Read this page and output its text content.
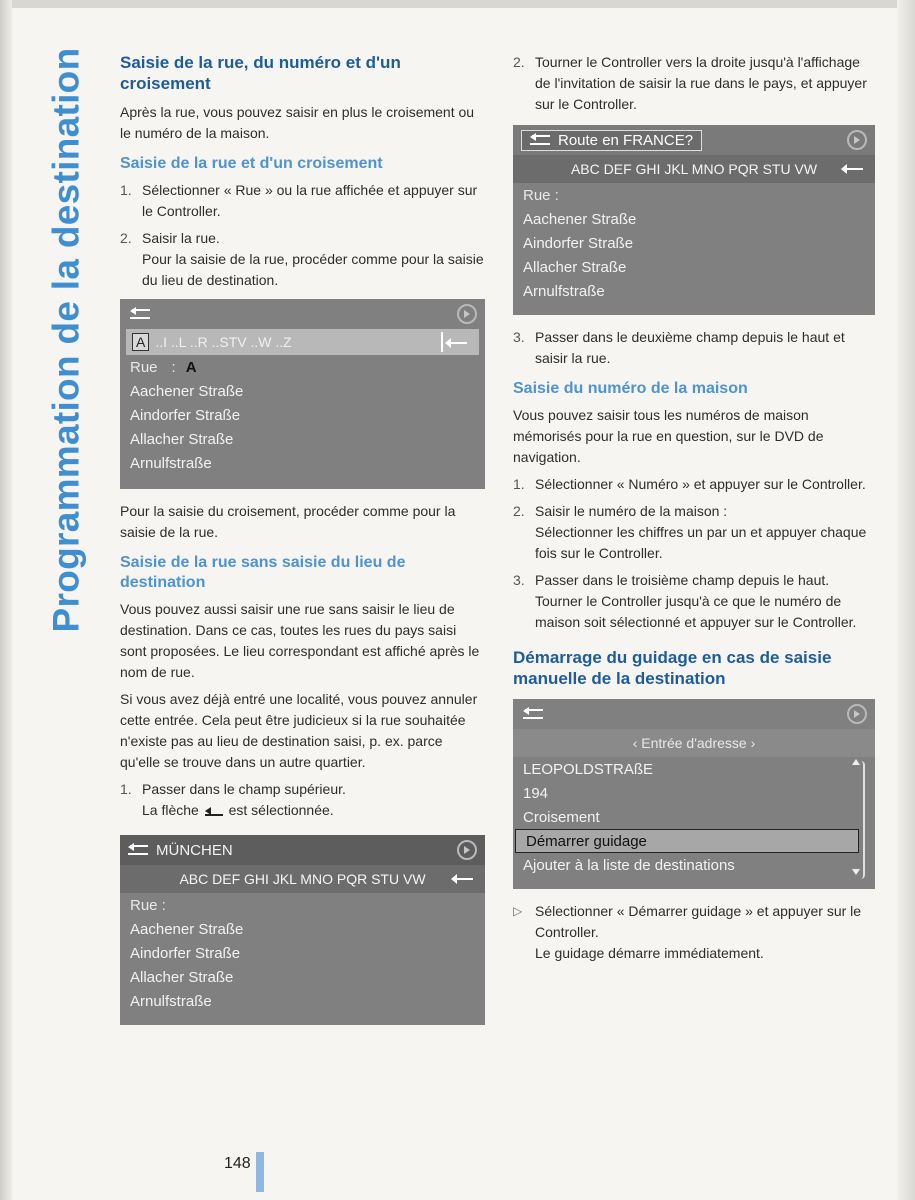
Programmation de la destination Saisie de la rue, du numéro et d'un croisement
Après la rue, vous pouvez saisir en plus le croisement ou le numéro de la maison.
Saisie de la rue et d'un croisement
1. Sélectionner « Rue » ou la rue affichée et appuyer sur le Controller.
2. Saisir la rue.
Pour la saisie de la rue, procéder comme pour la saisie du lieu de destination.
A ..I ..L ..R ..STV ..W ..Z
Rue : A
Aachener Straße
Aindorfer Straße
Allacher Straße
Arnulfstraße
Pour la saisie du croisement, procéder comme pour la saisie de la rue.
Saisie de la rue sans saisie du lieu de destination
Vous pouvez aussi saisir une rue sans saisir le lieu de destination. Dans ce cas, toutes les rues du pays saisi sont proposées. Le lieu correspondant est affiché après le nom de rue.
Si vous avez déjà entré une localité, vous pouvez annuler cette entrée. Cela peut être judicieux si la rue souhaitée n'existe pas au lieu de destination saisi, p. ex. parce qu'elle se trouve dans un autre quartier.
1. Passer dans le champ supérieur.
La flèche est sélectionnée.
MÜNCHEN
ABC DEF GHI JKL MNO PQR STU VW
Rue :
Aachener Straße
Aindorfer Straße
Allacher Straße
Arnulfstraße
2. Tourner le Controller vers la droite jusqu'à l'affichage de l'invitation de saisir la rue dans le pays, et appuyer sur le Controller.
Route en FRANCE?
ABC DEF GHI JKL MNO PQR STU VW
Rue :
Aachener Straße
Aindorfer Straße
Allacher Straße
Arnulfstraße
3. Passer dans le deuxième champ depuis le haut et saisir la rue.
Saisie du numéro de la maison
Vous pouvez saisir tous les numéros de maison mémorisés pour la rue en question, sur le DVD de navigation.
1. Sélectionner « Numéro » et appuyer sur le Controller.
2. Saisir le numéro de la maison :
Sélectionner les chiffres un par un et appuyer chaque fois sur le Controller.
3. Passer dans le troisième champ depuis le haut. Tourner le Controller jusqu'à ce que le numéro de maison soit sélectionné et appuyer sur le Controller.
Démarrage du guidage en cas de saisie manuelle de la destination
‹ Entrée d'adresse ›
LEOPOLDSTRAßE
194
Croisement
Démarrer guidage
Ajouter à la liste de destinations
▷ Sélectionner « Démarrer guidage » et appuyer sur le Controller.
Le guidage démarre immédiatement.
148
